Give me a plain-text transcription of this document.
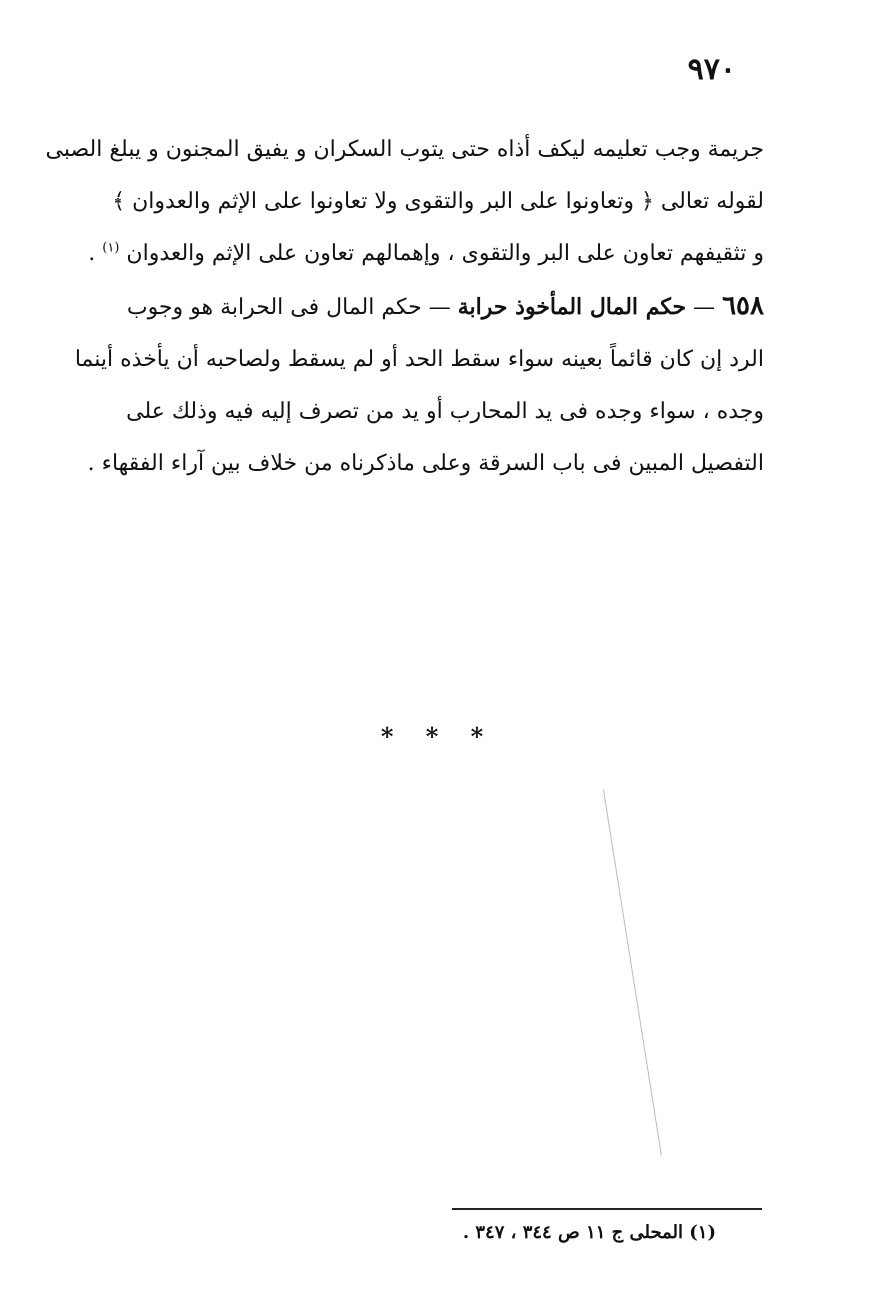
٩٧٠
جريمة وجب تعليمه ليكف أذاه حتى يتوب السكران و يفيق المجنون و يبلغ الصبى
لقوله تعالى ﴿ وتعاونوا على البر والتقوى ولا تعاونوا على الإثم والعدوان ﴾
و تثقيفهم تعاون على البر والتقوى ، وإهمالهم تعاون على الإثم والعدوان $^{(١)}$ .
٦٥٨ — حكم المال المأخوذ حرابة — حكم المال فى الحرابة هو وجوب
الرد إن كان قائماً بعينه سواء سقط الحد أو لم يسقط ولصاحبه أن يأخذه أينما
وجده ، سواء وجده فى يد المحارب أو يد من تصرف إليه فيه وذلك على
التفصيل المبين فى باب السرقة وعلى ماذكرناه من خلاف بين آراء الفقهاء .
* * *
(١) المحلى ج ١١ ص ٣٤٤ ، ٣٤٧ .
